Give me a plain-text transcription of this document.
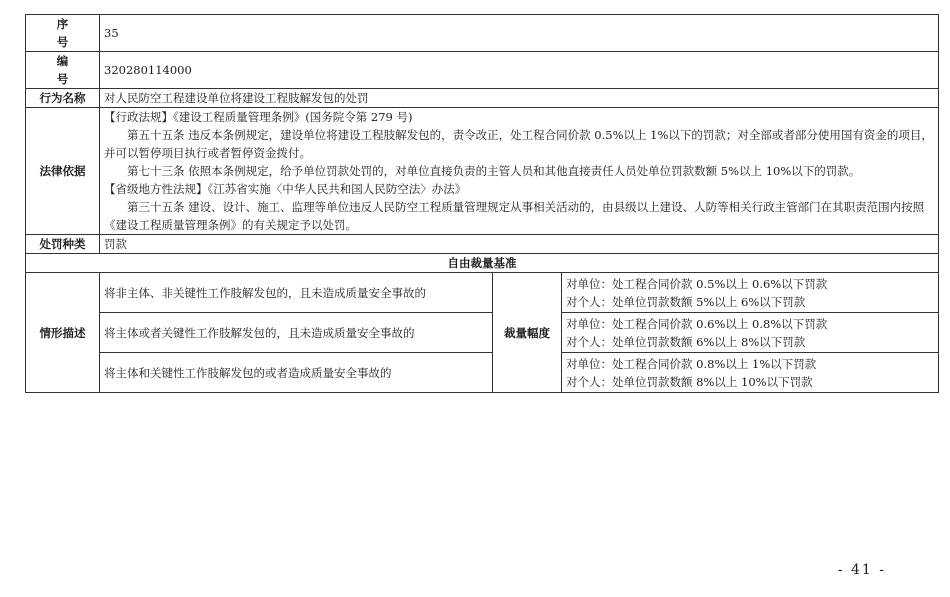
序 号	35		
编 号	320280114000		
行为名称	对人民防空工程建设单位将建设工程肢解发包的处罚		
法律依据	【行政法规】《建设工程质量管理条例》(国务院令第 279 号)

第五十五条 违反本条例规定，建设单位将建设工程肢解发包的，责令改正，处工程合同价款 0.5%以上 1%以下的罚款；对全部或者部分使用国有资金的项目，并可以暂停项目执行或者暂停资金拨付。

第七十三条 依照本条例规定，给予单位罚款处罚的，对单位直接负责的主管人员和其他直接责任人员处单位罚款数额 5%以上 10%以下的罚款。

【省级地方性法规】《江苏省实施〈中华人民共和国人民防空法〉办法》

第三十五条 建设、设计、施工、监理等单位违反人民防空工程质量管理规定从事相关活动的，由县级以上建设、人防等相关行政主管部门在其职责范围内按照《建设工程质量管理条例》的有关规定予以处罚。		

处罚种类	罚款		
自由裁量基准			
情形描述	将非主体、非关键性工作肢解发包的，且未造成质量安全事故的	裁量幅度	对单位：处工程合同价款 0.5%以上 0.6%以下罚款
对个人：处单位罚款数额 5%以上 6%以下罚款

	将主体或者关键性工作肢解发包的，且未造成质量安全事故的		对单位：处工程合同价款 0.6%以上 0.8%以下罚款
对个人：处单位罚款数额 6%以上 8%以下罚款

	将主体和关键性工作肢解发包的或者造成质量安全事故的		对单位：处工程合同价款 0.8%以上 1%以下罚款
对个人：处单位罚款数额 8%以上 10%以下罚款
- 41 -
